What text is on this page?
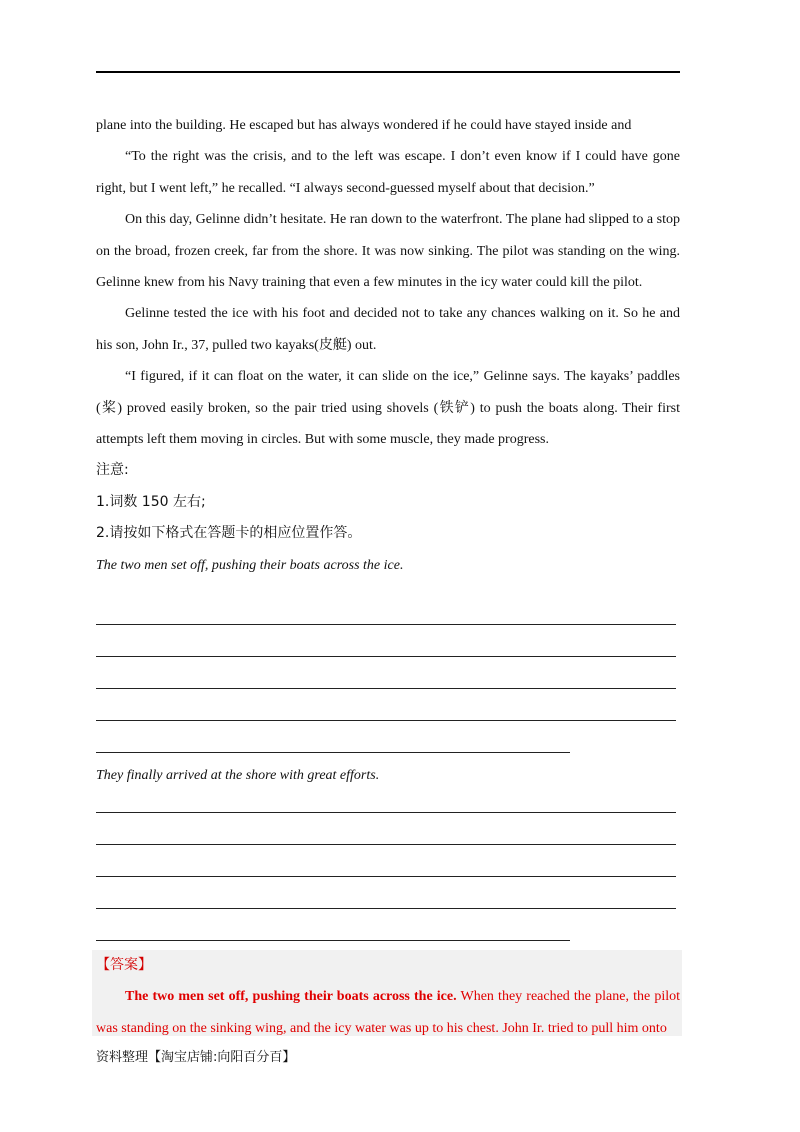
plane into the building. He escaped but has always wondered if he could have stayed inside and

“To the right was the crisis, and to the left was escape. I don’t even know if I could have gone right, but I went left,” he recalled. “I always second-guessed myself about that decision.”

On this day, Gelinne didn’t hesitate. He ran down to the waterfront. The plane had slipped to a stop on the broad, frozen creek, far from the shore. It was now sinking. The pilot was standing on the wing. Gelinne knew from his Navy training that even a few minutes in the icy water could kill the pilot.

Gelinne tested the ice with his foot and decided not to take any chances walking on it. So he and his son, John Ir., 37, pulled two kayaks(皮艇) out.

“I figured, if it can float on the water, it can slide on the ice,” Gelinne says. The kayaks’ paddles (桨) proved easily broken, so the pair tried using shovels (铁铲) to push the boats along. Their first attempts left them moving in circles. But with some muscle, they made progress.

注意:

1.词数 150 左右;

2.请按如下格式在答题卡的相应位置作答。

The two men set off, pushing their boats across the ice.

They finally arrived at the shore with great efforts.

【答案】

The two men set off, pushing their boats across the ice. When they reached the plane, the pilot was standing on the sinking wing, and the icy water was up to his chest. John Ir. tried to pull him onto

资料整理【淘宝店铺:向阳百分百】
